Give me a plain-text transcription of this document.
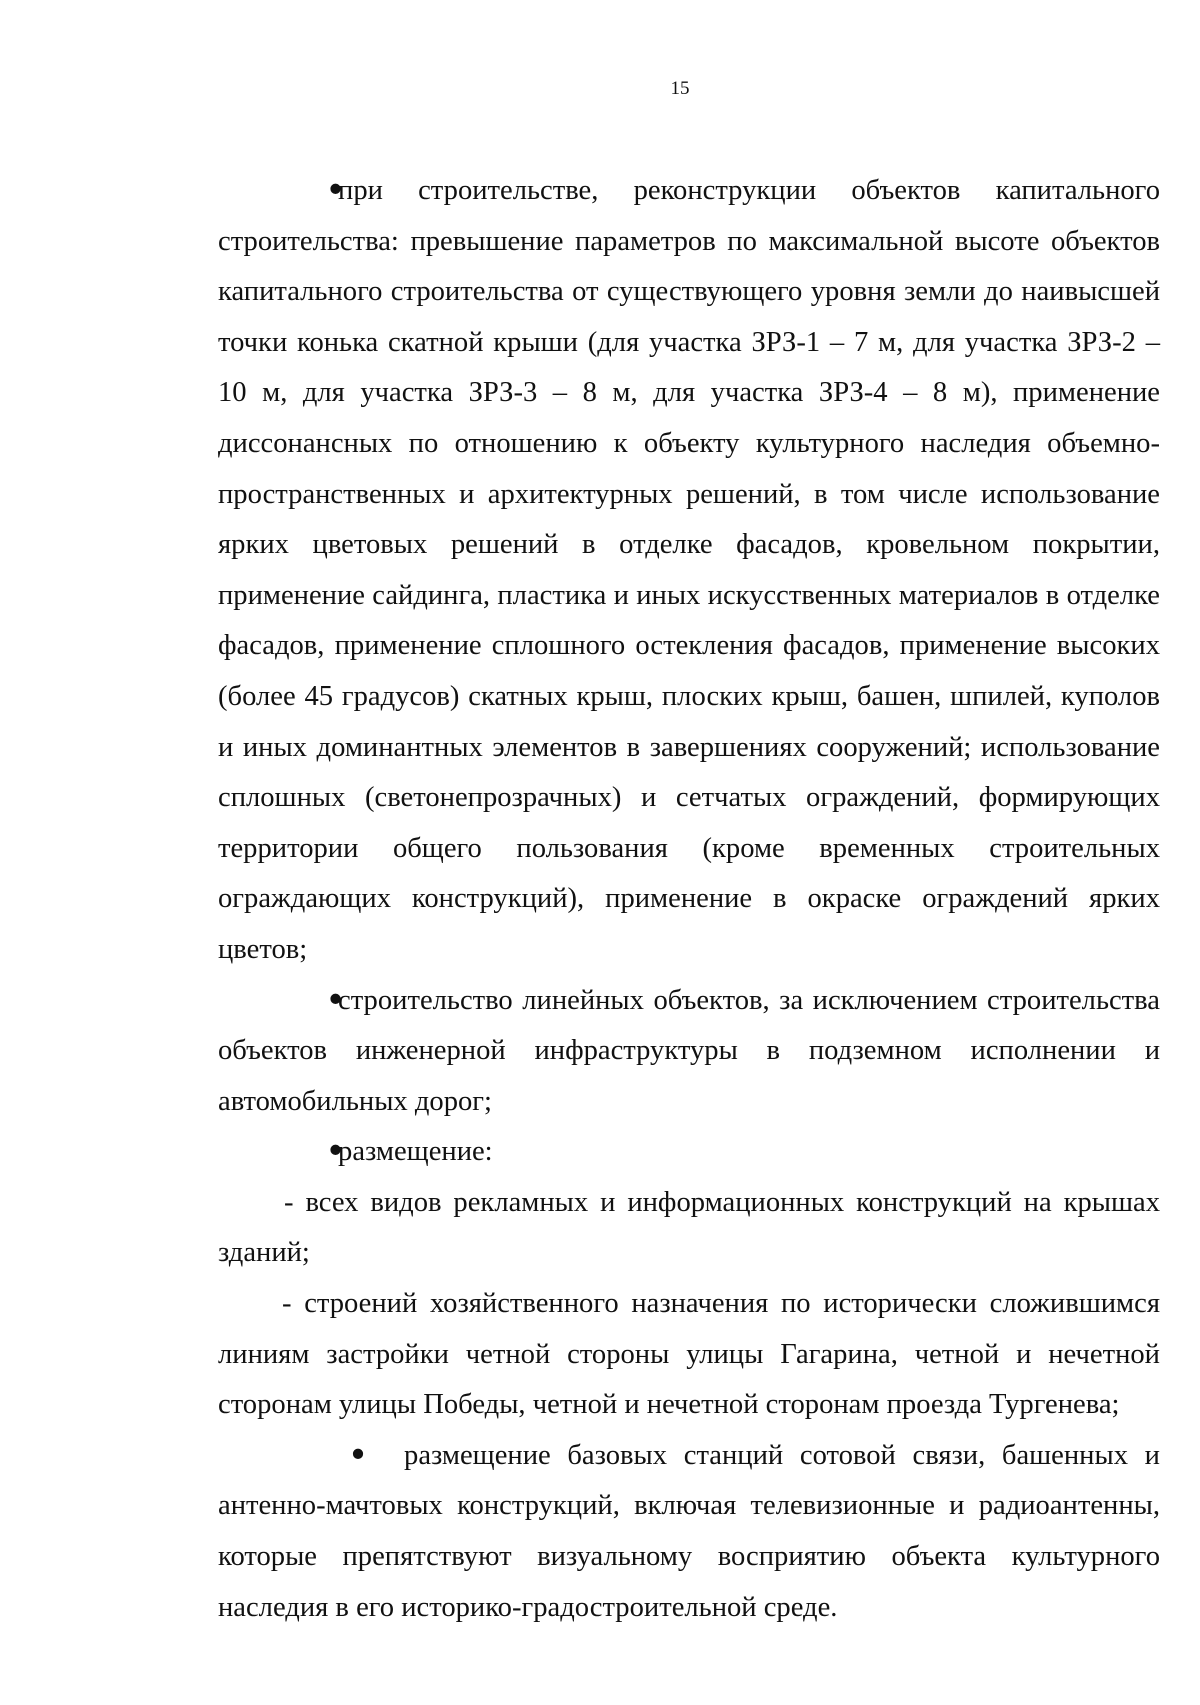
15

• при строительстве, реконструкции объектов капитального строительства: превышение параметров по максимальной высоте объектов капитального строительства от существующего уровня земли до наивысшей точки конька скатной крыши (для участка ЗРЗ-1 – 7 м, для участка ЗРЗ-2 – 10 м, для участка ЗРЗ-3 – 8 м, для участка ЗРЗ-4 – 8 м), применение диссонансных по отношению к объекту культурного наследия объемно-пространственных и архитектурных решений, в том числе использование ярких цветовых решений в отделке фасадов, кровельном покрытии, применение сайдинга, пластика и иных искусственных материалов в отделке фасадов, применение сплошного остекления фасадов, применение высоких (более 45 градусов) скатных крыш, плоских крыш, башен, шпилей, куполов и иных доминантных элементов в завершениях сооружений; использование сплошных (светонепрозрачных) и сетчатых ограждений, формирующих территории общего пользования (кроме временных строительных ограждающих конструкций), применение в окраске ограждений ярких цветов;

• строительство линейных объектов, за исключением строительства объектов инженерной инфраструктуры в подземном исполнении и автомобильных дорог;

• размещение:

- всех видов рекламных и информационных конструкций на крышах зданий;

- строений хозяйственного назначения по исторически сложившимся линиям застройки четной стороны улицы Гагарина, четной и нечетной сторонам улицы Победы, четной и нечетной сторонам проезда Тургенева;

• размещение базовых станций сотовой связи, башенных и антенно-мачтовых конструкций, включая телевизионные и радиоантенны, которые препятствуют визуальному восприятию объекта культурного наследия в его историко-градостроительной среде.
